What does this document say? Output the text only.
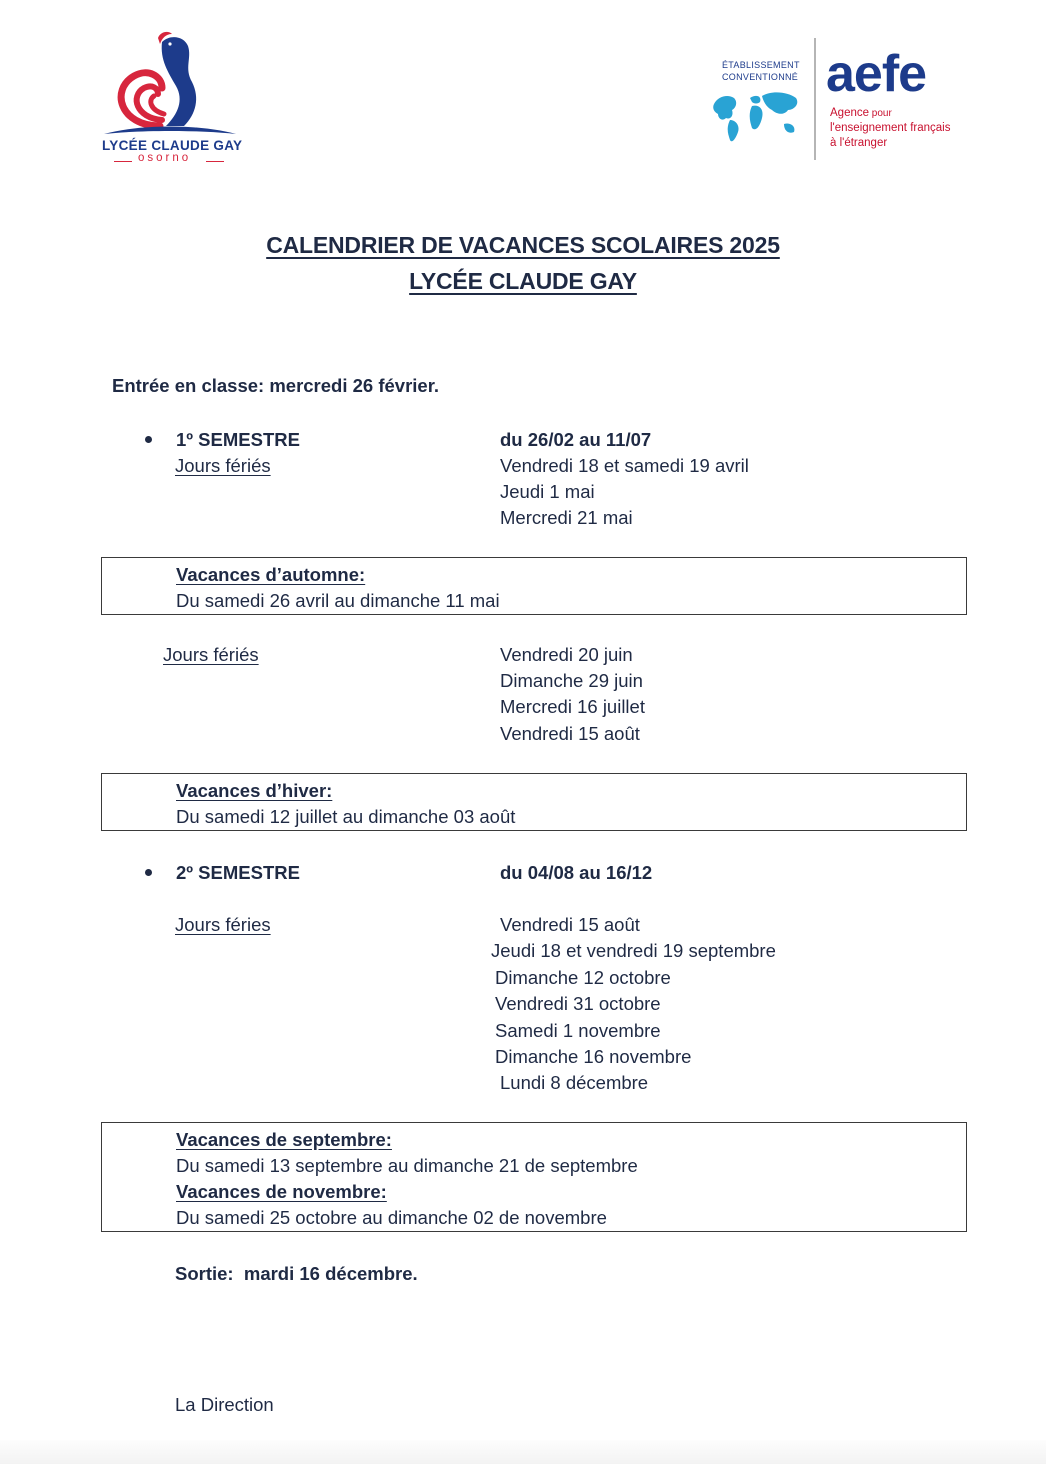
LYCÉE CLAUDE GAY
osorno
ÉTABLISSEMENT
CONVENTIONNÉ aefe
Agence pour
l'enseignement français
à l'étranger
CALENDRIER DE VACANCES SCOLAIRES 2025
LYCÉE CLAUDE GAY
Entrée en classe: mercredi 26 février.
1º SEMESTRE	du 26/02 au 11/07
Jours fériés	Vendredi 18 et samedi 19 avril
Jeudi 1 mai
Mercredi 21 mai
Vacances d’automne:
Du samedi 26 avril au dimanche 11 mai
Jours fériés	Vendredi 20 juin
Dimanche 29 juin
Mercredi 16 juillet
Vendredi 15 août
Vacances d’hiver:
Du samedi 12 juillet au dimanche 03 août
2º SEMESTRE	du 04/08 au 16/12
Jours féries	Vendredi 15 août
Jeudi 18 et vendredi 19 septembre
Dimanche 12 octobre
Vendredi 31 octobre
Samedi 1 novembre
Dimanche 16 novembre
Lundi 8 décembre
Vacances de septembre:
Du samedi 13 septembre au dimanche 21 de septembre
Vacances de novembre:
Du samedi 25 octobre au dimanche 02 de novembre
Sortie:  mardi 16 décembre.
La Direction
